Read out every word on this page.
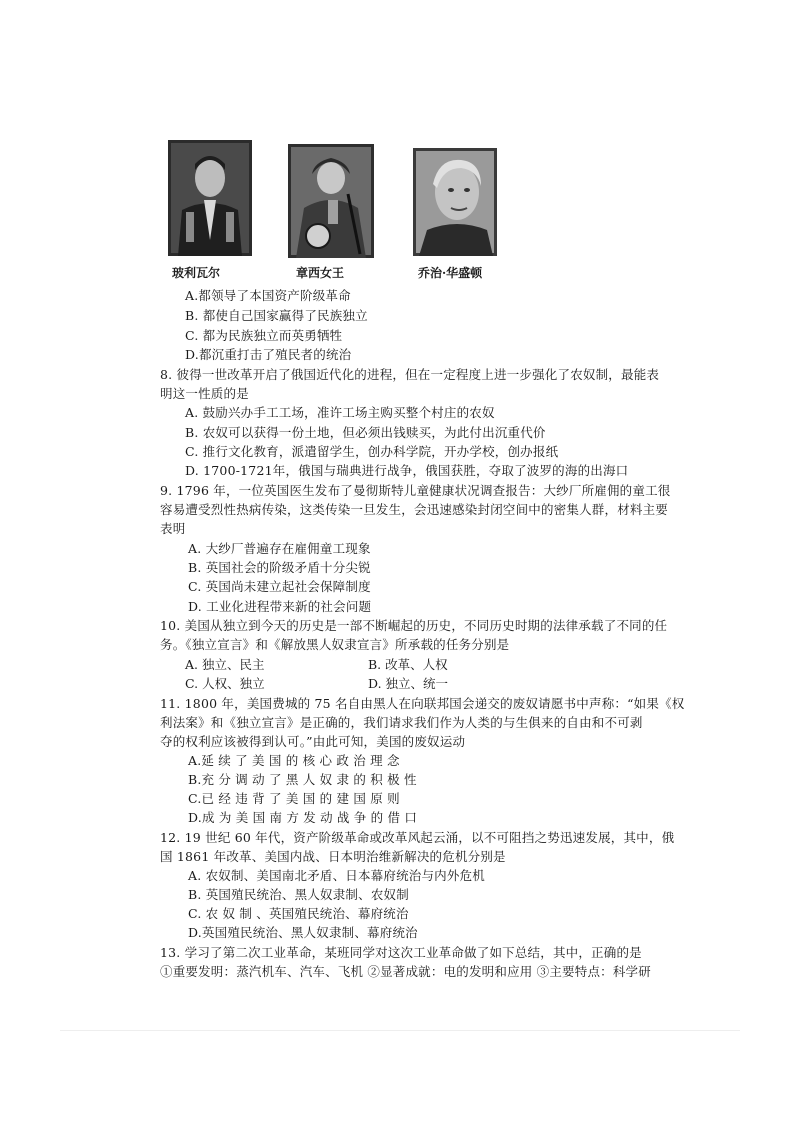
玻利瓦尔	章西女王	乔治·华盛顿
A.都领导了本国资产阶级革命
B. 都使自己国家赢得了民族独立
C. 都为民族独立而英勇牺牲
D.都沉重打击了殖民者的统治
8. 彼得一世改革开启了俄国近代化的进程，但在一定程度上进一步强化了农奴制，最能表
明这一性质的是
A. 鼓励兴办手工工场，准许工场主购买整个村庄的农奴
B. 农奴可以获得一份土地，但必须出钱赎买，为此付出沉重代价
C. 推行文化教育，派遣留学生，创办科学院，开办学校，创办报纸
D. 1700-1721年，俄国与瑞典进行战争，俄国获胜，夺取了波罗的海的出海口
9. 1796 年，一位英国医生发布了曼彻斯特儿童健康状况调查报告：大纱厂所雇佣的童工很
容易遭受烈性热病传染，这类传染一旦发生，会迅速感染封闭空间中的密集人群，材料主要
表明
A. 大纱厂普遍存在雇佣童工现象
B. 英国社会的阶级矛盾十分尖锐
C. 英国尚未建立起社会保障制度
D. 工业化进程带来新的社会问题
10. 美国从独立到今天的历史是一部不断崛起的历史，不同历史时期的法律承载了不同的任
务。《独立宣言》和《解放黑人奴隶宣言》所承载的任务分别是
A. 独立、民主	B. 改革、人权
C. 人权、独立	D. 独立、统一
11. 1800 年，美国费城的 75 名自由黑人在向联邦国会递交的废奴请愿书中声称：“如果《权
利法案》和《独立宣言》是正确的，我们请求我们作为人类的与生俱来的自由和不可剥
夺的权利应该被得到认可。”由此可知，美国的废奴运动
A.延 续 了 美 国 的 核 心 政 治 理 念
B.充 分 调 动 了 黑 人 奴 隶 的 积 极 性
C.已 经 违 背 了 美 国 的 建 国 原 则
D.成 为 美 国 南 方 发 动 战 争 的 借 口
12. 19 世纪 60 年代，资产阶级革命或改革风起云涌，以不可阻挡之势迅速发展，其中，俄
国 1861 年改革、美国内战、日本明治维新解决的危机分别是
A. 农奴制、美国南北矛盾、日本幕府统治与内外危机
B. 英国殖民统治、黑人奴隶制、农奴制
C. 农 奴 制 、英国殖民统治、幕府统治
D.英国殖民统治、黑人奴隶制、幕府统治
13. 学习了第二次工业革命，某班同学对这次工业革命做了如下总结，其中，正确的是
①重要发明：蒸汽机车、汽车、飞机 ②显著成就：电的发明和应用 ③主要特点：科学研
